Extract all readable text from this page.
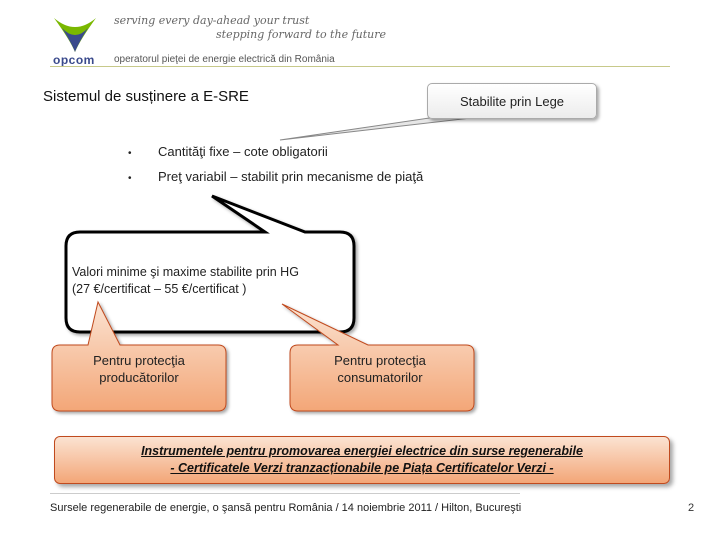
opcom
serving every day-ahead your trust
stepping forward to the future
operatorul pieţei de energie electrică din România
Sistemul de susținere a E-SRE	Stabilite prin Lege
• Cantităţi fixe – cote obligatorii
• Preţ variabil – stabilit prin mecanisme de piaţă
Valori minime şi maxime stabilite prin HG
(27 €/certificat – 55 €/certificat )
Pentru protecţia
producătorilor
Pentru protecţia
consumatorilor
Instrumentele pentru promovarea energiei electrice din surse regenerabile
- Certificatele Verzi tranzacționabile pe Piața Certificatelor Verzi -
Sursele regenerabile de energie, o şansă pentru România / 14 noiembrie 2011 / Hilton, Bucureşti	2
